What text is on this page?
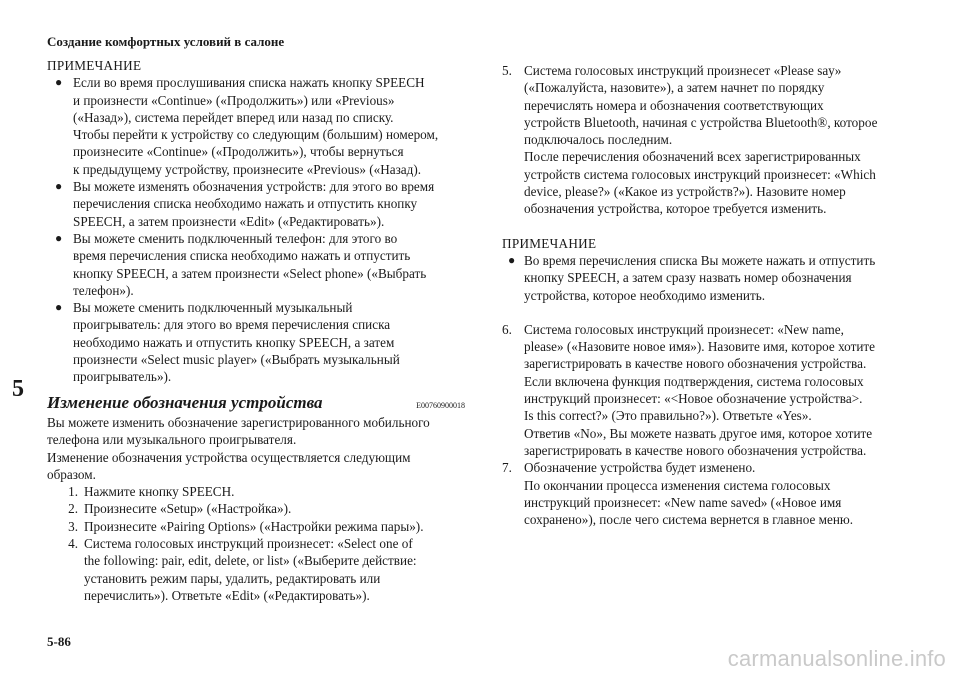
Создание комфортных условий в салоне
5
ПРИМЕЧАНИЕ
● Если во время прослушивания списка нажать кнопку SPEECH
и произнести «Continue» («Продолжить») или «Previous»
(«Назад»), система перейдет вперед или назад по списку.
Чтобы перейти к устройству со следующим (большим) номером,
произнесите «Continue» («Продолжить»), чтобы вернуться
к предыдущему устройству, произнесите «Previous» («Назад).
● Вы можете изменять обозначения устройств: для этого во время
перечисления списка необходимо нажать и отпустить кнопку
SPEECH, а затем произнести «Edit» («Редактировать»).
● Вы можете сменить подключенный телефон: для этого во
время перечисления списка необходимо нажать и отпустить
кнопку SPEECH, а затем произнести «Select phone» («Выбрать
телефон»).
● Вы можете сменить подключенный музыкальный
проигрыватель: для этого во время перечисления списка
необходимо нажать и отпустить кнопку SPEECH, а затем
произнести «Select music player» («Выбрать музыкальный
проигрыватель»).
Изменение обозначения устройства	E00760900018
Вы можете изменить обозначение зарегистрированного мобильного
телефона или музыкального проигрывателя.
Изменение обозначения устройства осуществляется следующим
образом.
1. Нажмите кнопку SPEECH.
2. Произнесите «Setup» («Настройка»).
3. Произнесите «Pairing Options» («Настройки режима пары»).
4. Система голосовых инструкций произнесет: «Select one of
the following: pair, edit, delete, or list» («Выберите действие:
установить режим пары, удалить, редактировать или
перечислить»). Ответьте «Edit» («Редактировать»).
5. Система голосовых инструкций произнесет «Please say»
(«Пожалуйста, назовите»), а затем начнет по порядку
перечислять номера и обозначения соответствующих
устройств Bluetooth, начиная с устройства Bluetooth®, которое
подключалось последним.
После перечисления обозначений всех зарегистрированных
устройств система голосовых инструкций произнесет: «Which
device, please?» («Какое из устройств?»). Назовите номер
обозначения устройства, которое требуется изменить.
ПРИМЕЧАНИЕ
● Во время перечисления списка Вы можете нажать и отпустить
кнопку SPEECH, а затем сразу назвать номер обозначения
устройства, которое необходимо изменить.
6. Система голосовых инструкций произнесет: «New name,
please» («Назовите новое имя»). Назовите имя, которое хотите
зарегистрировать в качестве нового обозначения устройства.
Если включена функция подтверждения, система голосовых
инструкций произнесет: «<Новое обозначение устройства>.
Is this correct?» (Это правильно?»). Ответьте «Yes».
Ответив «No», Вы можете назвать другое имя, которое хотите
зарегистрировать в качестве нового обозначения устройства.
7. Обозначение устройства будет изменено.
По окончании процесса изменения система голосовых
инструкций произнесет: «New name saved» («Новое имя
сохранено»), после чего система вернется в главное меню.
5-86
carmanualsonline.info
